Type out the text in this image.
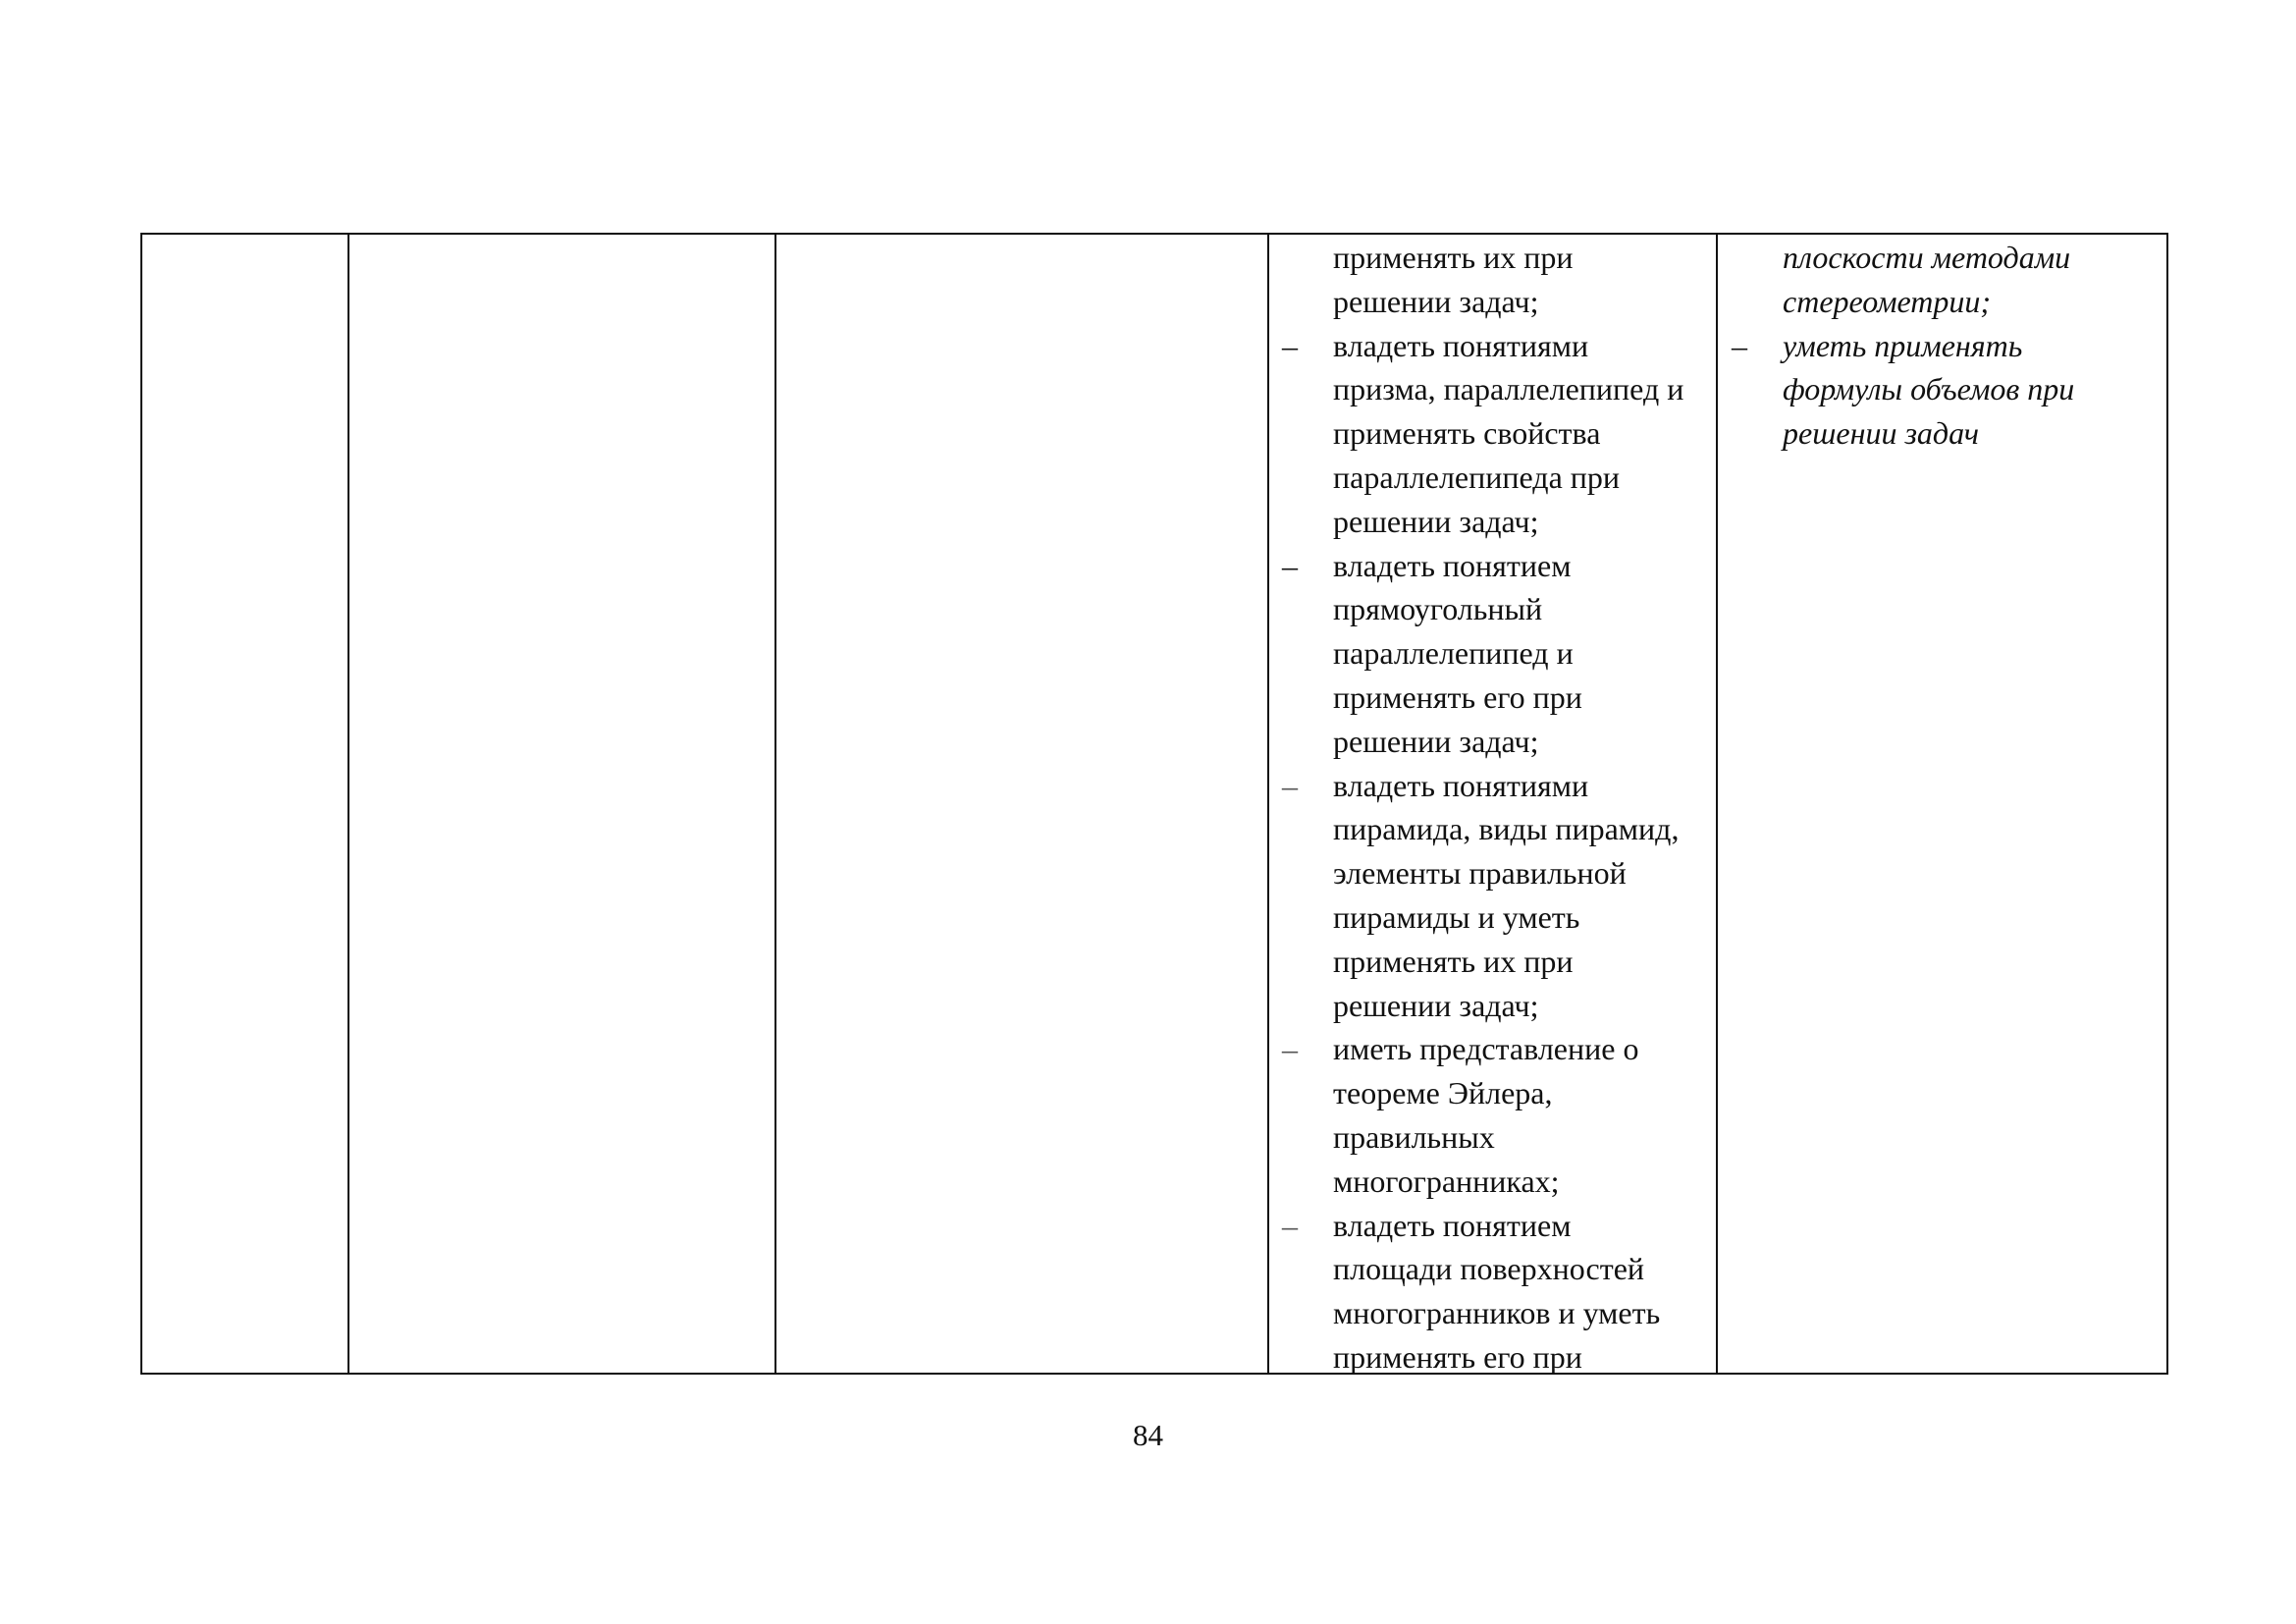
применять их при
решении задач;
– владеть понятиями
призма, параллелепипед и
применять свойства
параллелепипеда при
решении задач;
– владеть понятием
прямоугольный
параллелепипед и
применять его при
решении задач;
– владеть понятиями
пирамида, виды пирамид,
элементы правильной
пирамиды и уметь
применять их при
решении задач;
– иметь представление о
теореме Эйлера,
правильных
многогранниках;
– владеть понятием
площади поверхностей
многогранников и уметь
применять его при
плоскости методами
стереометрии;
– уметь применять
формулы объемов при
решении задач
84
